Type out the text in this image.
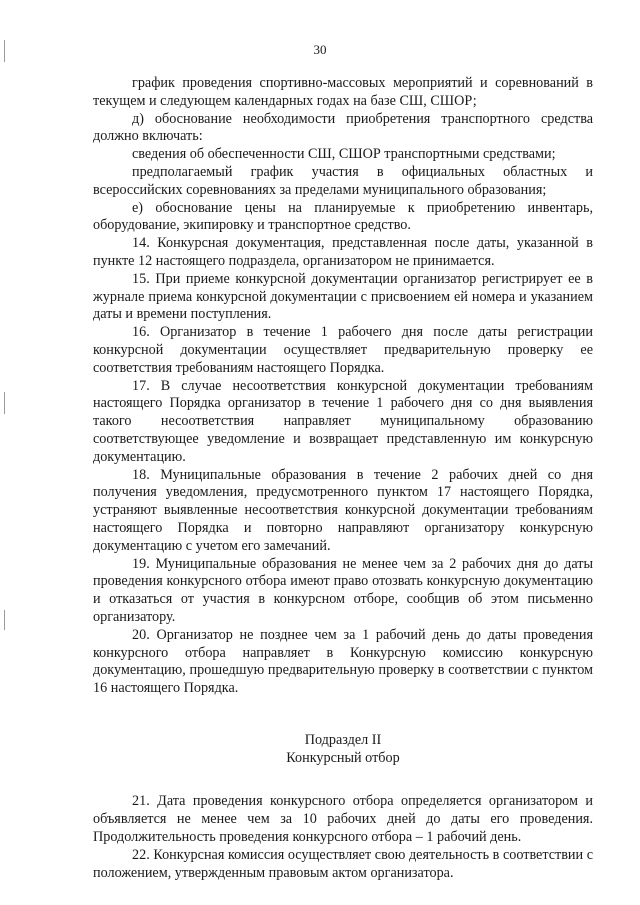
30

график проведения спортивно-массовых мероприятий и соревнований в текущем и следующем календарных годах на базе СШ, СШОР;

д) обоснование необходимости приобретения транспортного средства должно включать:

сведения об обеспеченности СШ, СШОР транспортными средствами;

предполагаемый график участия в официальных областных и всероссийских соревнованиях за пределами муниципального образования;

е) обоснование цены на планируемые к приобретению инвентарь, оборудование, экипировку и транспортное средство.

14. Конкурсная документация, представленная после даты, указанной в пункте 12 настоящего подраздела, организатором не принимается.

15. При приеме конкурсной документации организатор регистрирует ее в журнале приема конкурсной документации с присвоением ей номера и указанием даты и времени поступления.

16. Организатор в течение 1 рабочего дня после даты регистрации конкурсной документации осуществляет предварительную проверку ее соответствия требованиям настоящего Порядка.

17. В случае несоответствия конкурсной документации требованиям настоящего Порядка организатор в течение 1 рабочего дня со дня выявления такого несоответствия направляет муниципальному образованию соответствующее уведомление и возвращает представленную им конкурсную документацию.

18. Муниципальные образования в течение 2 рабочих дней со дня получения уведомления, предусмотренного пунктом 17 настоящего Порядка, устраняют выявленные несоответствия конкурсной документации требованиям настоящего Порядка и повторно направляют организатору конкурсную документацию с учетом его замечаний.

19. Муниципальные образования не менее чем за 2 рабочих дня до даты проведения конкурсного отбора имеют право отозвать конкурсную документацию и отказаться от участия в конкурсном отборе, сообщив об этом письменно организатору.

20. Организатор не позднее чем за 1 рабочий день до даты проведения конкурсного отбора направляет в Конкурсную комиссию конкурсную документацию, прошедшую предварительную проверку в соответствии с пунктом 16 настоящего Порядка.

Подраздел II

Конкурсный отбор

21. Дата проведения конкурсного отбора определяется организатором и объявляется не менее чем за 10 рабочих дней до даты его проведения. Продолжительность проведения конкурсного отбора – 1 рабочий день.

22. Конкурсная комиссия осуществляет свою деятельность в соответствии с положением, утвержденным правовым актом организатора.
